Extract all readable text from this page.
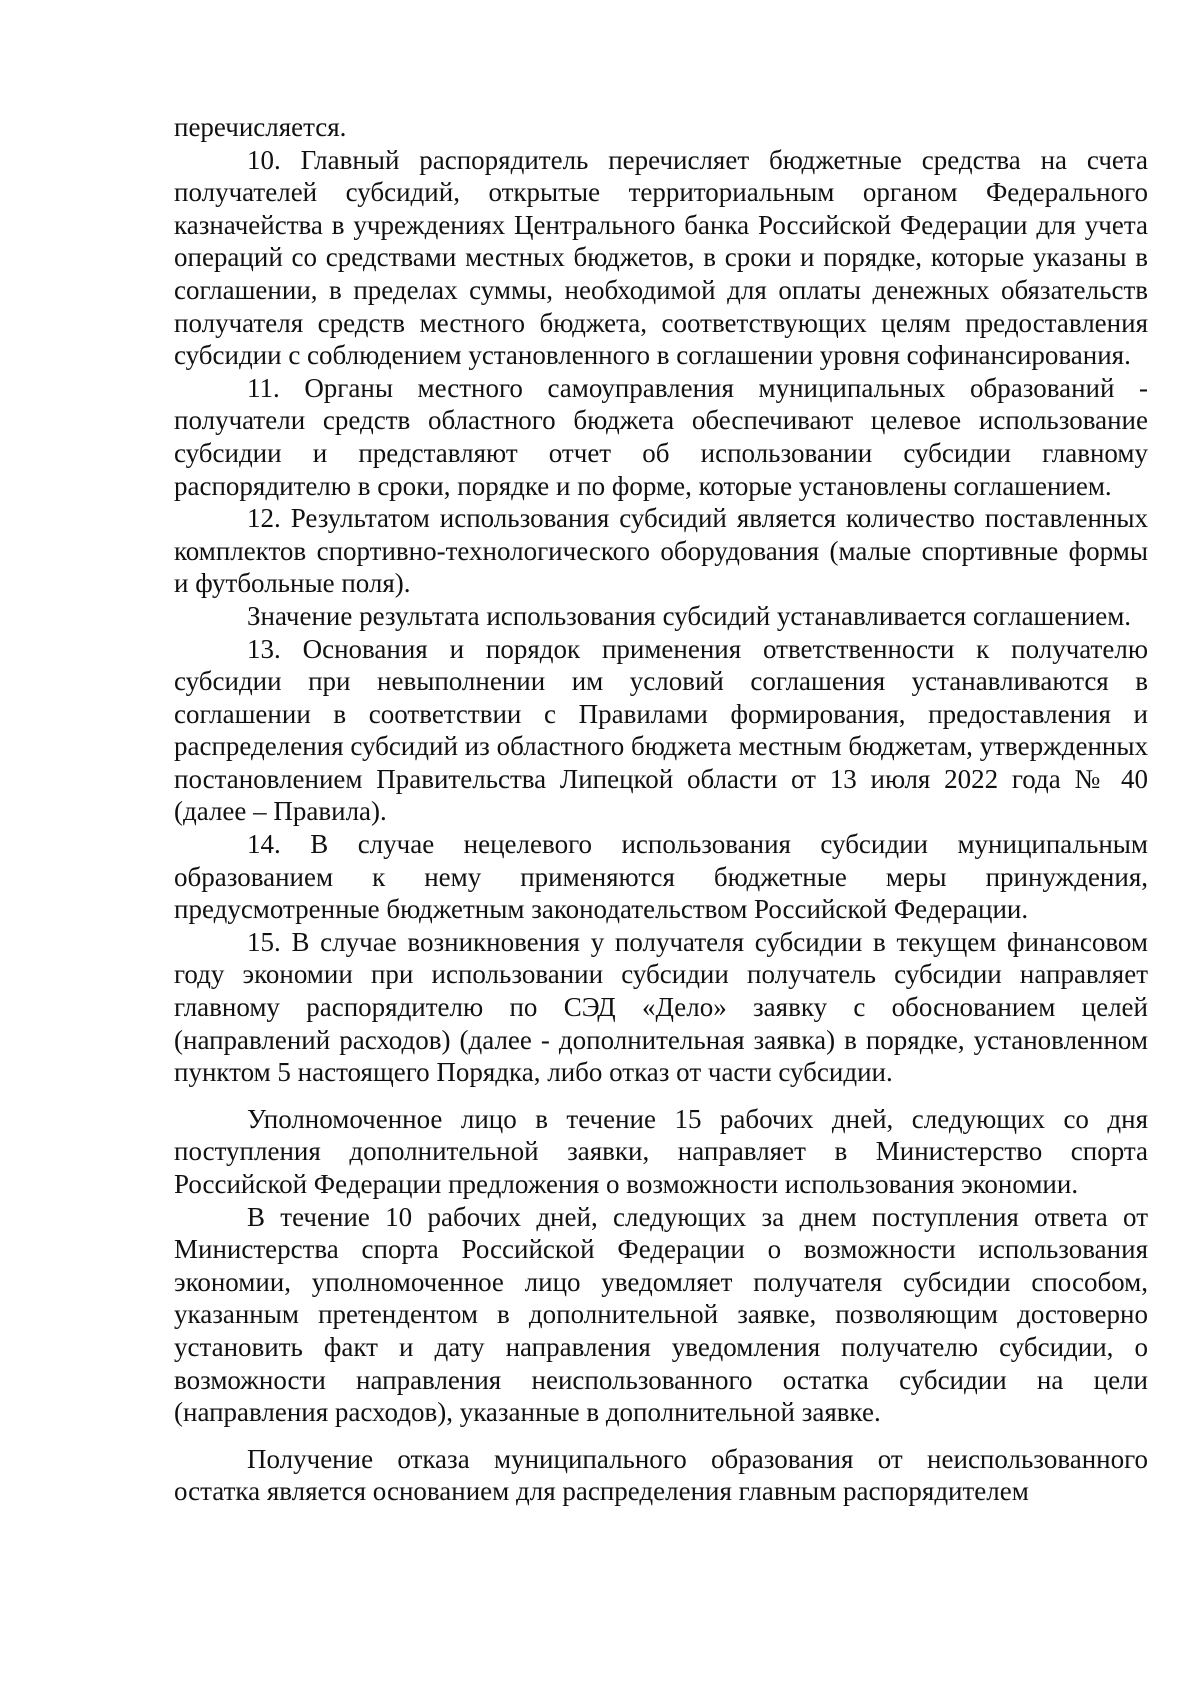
перечисляется.

10. Главный распорядитель перечисляет бюджетные средства на счета получателей субсидий, открытые территориальным органом Федерального казначейства в учреждениях Центрального банка Российской Федерации для учета операций со средствами местных бюджетов, в сроки и порядке, которые указаны в соглашении, в пределах суммы, необходимой для оплаты денежных обязательств получателя средств местного бюджета, соответствующих целям предоставления субсидии с соблюдением установленного в соглашении уровня софинансирования.

11. Органы местного самоуправления муниципальных образований - получатели средств областного бюджета обеспечивают целевое использование субсидии и представляют отчет об использовании субсидии главному распорядителю в сроки, порядке и по форме, которые установлены соглашением.

12. Результатом использования субсидий является количество поставленных комплектов спортивно-технологического оборудования (малые спортивные формы и футбольные поля).

Значение результата использования субсидий устанавливается соглашением.

13. Основания и порядок применения ответственности к получателю субсидии при невыполнении им условий соглашения устанавливаются в соглашении в соответствии с Правилами формирования, предоставления и распределения субсидий из областного бюджета местным бюджетам, утвержденных постановлением Правительства Липецкой области от 13 июля 2022 года № 40 (далее – Правила).

14. В случае нецелевого использования субсидии муниципальным образованием к нему применяются бюджетные меры принуждения, предусмотренные бюджетным законодательством Российской Федерации.

15. В случае возникновения у получателя субсидии в текущем финансовом году экономии при использовании субсидии получатель субсидии направляет главному распорядителю по СЭД «Дело» заявку с обоснованием целей (направлений расходов) (далее - дополнительная заявка) в порядке, установленном пунктом 5 настоящего Порядка, либо отказ от части субсидии.

Уполномоченное лицо в течение 15 рабочих дней, следующих со дня поступления дополнительной заявки, направляет в Министерство спорта Российской Федерации предложения о возможности использования экономии.

В течение 10 рабочих дней, следующих за днем поступления ответа от Министерства спорта Российской Федерации о возможности использования экономии, уполномоченное лицо уведомляет получателя субсидии способом, указанным претендентом в дополнительной заявке, позволяющим достоверно установить факт и дату направления уведомления получателю субсидии, о возможности направления неиспользованного остатка субсидии на цели (направления расходов), указанные в дополнительной заявке.

Получение отказа муниципального образования от неиспользованного остатка является основанием для распределения главным распорядителем
